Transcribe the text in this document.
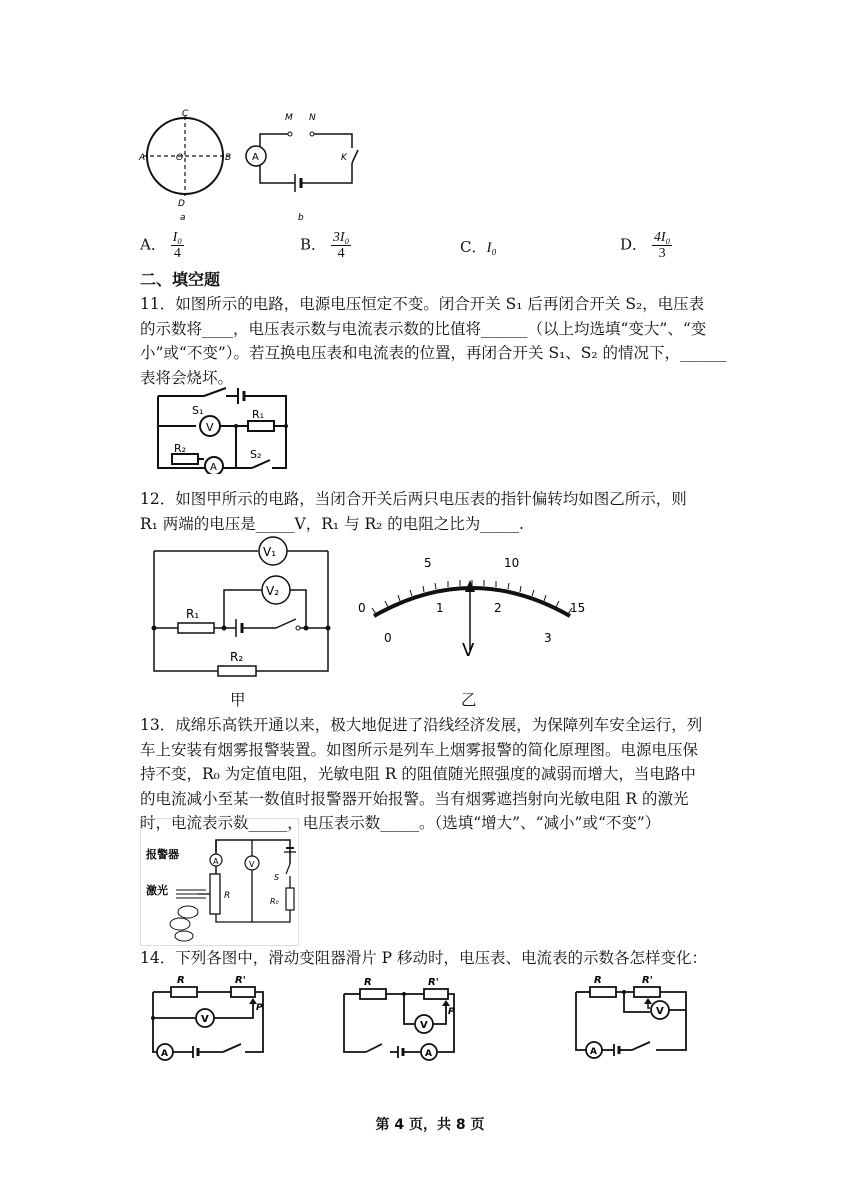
C
A	O	B
D
a
A
M N
K
b
A． $\frac{\text{I₀}}{4}$	B． $\frac{\text{3I₀}}{4}$	C．I₀	D． $\frac{\text{4I₀}}{3}$
二、填空题
11．如图所示的电路，电源电压恒定不变。闭合开关 S₁ 后再闭合开关 S₂，电压表
的示数将____，电压表示数与电流表示数的比值将______（以上均选填“变大”、“变
小”或“不变”）。若互换电压表和电流表的位置，再闭合开关 S₁、S₂ 的情况下，______
表将会烧坏。
V
A
S₁	R₁
R₂	S₂
12．如图甲所示的电路，当闭合开关后两只电压表的指针偏转均如图乙所示，则
R₁ 两端的电压是_____V，R₁ 与 R₂ 的电阻之比为_____.
V₁
R₂
R₁
V₂
甲
0
5	10
15
0
1	2
3
V
乙
13．成绵乐高铁开通以来，极大地促进了沿线经济发展，为保障列车安全运行，列
车上安装有烟雾报警装置。如图所示是列车上烟雾报警的简化原理图。电源电压保
持不变，R₀ 为定值电阻，光敏电阻 R 的阻值随光照强度的减弱而增大，当电路中
的电流减小至某一数值时报警器开始报警。当有烟雾遮挡射向光敏电阻 R 的激光
时，电流表示数_____，电压表示数_____。（选填“增大”、“减小”或“不变”）
A
R
V
S
R₀
报警器
激光
14．下列各图中，滑动变阻器滑片 P 移动时，电压表、电流表的示数各怎样变化：
R	R'
P
V
A
R	R'
P
V
A
R	R'
V
A
第 4 页，共 8 页
